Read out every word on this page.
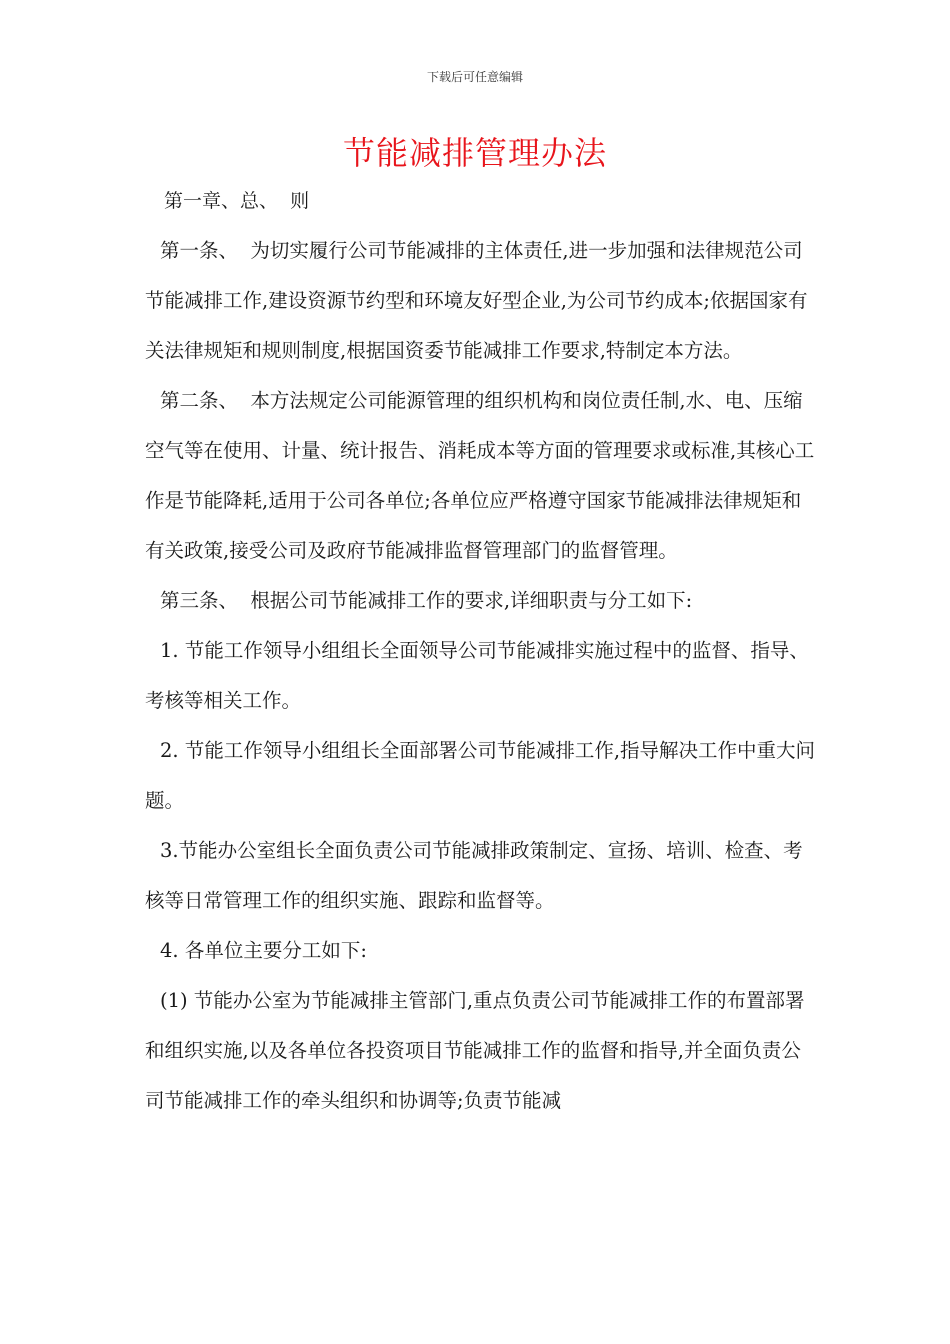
下载后可任意编辑
节能减排管理办法
第一章、总、  则

第一条、  为切实履行公司节能减排的主体责任,进一步加强和法律规范公司节能减排工作,建设资源节约型和环境友好型企业,为公司节约成本;依据国家有关法律规矩和规则制度,根据国资委节能减排工作要求,特制定本方法。

第二条、  本方法规定公司能源管理的组织机构和岗位责任制,水、电、压缩空气等在使用、计量、统计报告、消耗成本等方面的管理要求或标准,其核心工作是节能降耗,适用于公司各单位;各单位应严格遵守国家节能减排法律规矩和有关政策,接受公司及政府节能减排监督管理部门的监督管理。

第三条、  根据公司节能减排工作的要求,详细职责与分工如下:

1. 节能工作领导小组组长全面领导公司节能减排实施过程中的监督、指导、考核等相关工作。

2. 节能工作领导小组组长全面部署公司节能减排工作,指导解决工作中重大问题。

3.节能办公室组长全面负责公司节能减排政策制定、宣扬、培训、检查、考核等日常管理工作的组织实施、跟踪和监督等。

4. 各单位主要分工如下:

(1) 节能办公室为节能减排主管部门,重点负责公司节能减排工作的布置部署和组织实施,以及各单位各投资项目节能减排工作的监督和指导,并全面负责公司节能减排工作的牵头组织和协调等;负责节能减
